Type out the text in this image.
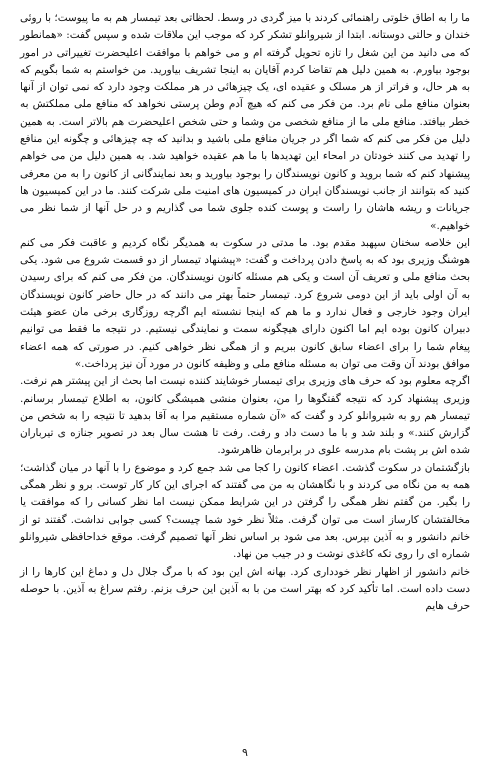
ما را به اطاق خلوتی راهنمائی کردند با میز گردی در وسط. لحظاتی بعد تیمسار هم به ما پیوست؛ با روئی خندان و حالتی دوستانه. ابتدا از شیروانلو تشکر کرد که موجب این ملاقات شده و سپس گفت: «همانطور که می دانید من این شغل را تازه تحویل گرفته ام و می خواهم با موافقت اعلیحضرت تغییراتی در امور بوجود بیاورم. به همین دلیل هم تقاضا کردم آقایان به اینجا تشریف بیاورید. من خواستم به شما بگویم که به هر حال، و فراتر از هر مسلک و عقیده ای، یک چیزهائی در هر مملکت وجود دارد که نمی توان از آنها بعنوان منافع ملی نام برد. من فکر می کنم که هیچ آدم وطن پرستی نخواهد که منافع ملی مملکتش به خطر بیافتد. منافع ملی ما از منافع شخصی من وشما و حتی شخص اعلیحضرت هم بالاتر است. به همین دلیل من فکر می کنم که شما اگر در جریان منافع ملی باشید و بدانید که چه چیزهائی و چگونه این منافع را تهدید می کنند خودتان در امحاء این تهدیدها با ما هم عقیده خواهید شد. به همین دلیل من می خواهم پیشنهاد کنم که شما بروید و کانون نویسندگان را بوجود بیاورید و بعد نمایندگانی از کانون را به من معرفی کنید که بتوانند از جانب نویسندگان ایران در کمیسیون های امنیت ملی شرکت کنند. ما در این کمیسیون ها جریانات و ریشه هاشان را راست و پوست کنده جلوی شما می گذاریم و در حل آنها از شما نظر می خواهیم.»

این خلاصه سخنان سپهبد مقدم بود. ما مدتی در سکوت به همدیگر نگاه کردیم و عاقبت فکر می کنم هوشنگ وزیری بود که به پاسخ دادن پرداخت و گفت: «پیشنهاد تیمسار از دو قسمت شروع می شود. یکی بحث منافع ملی و تعریف آن است و یکی هم مسئله کانون نویسندگان. من فکر می کنم که برای رسیدن به آن اولی باید از این دومی شروع کرد. تیمسار حتماً بهتر می دانند که در حال حاضر کانون نویسندگان ایران وجود خارجی و فعال ندارد و ما هم که اینجا نشسته ایم اگرچه روزگاری برخی مان عضو هیئت دبیران کانون بوده ایم اما اکنون دارای هیچگونه سمت و نمایندگی نیستیم. در نتیجه ما فقط می توانیم پیغام شما را برای اعضاء سابق کانون ببریم و از همگی نظر خواهی کنیم. در صورتی که همه اعضاء موافق بودند آن وقت می توان به مسئله منافع ملی و وظیفه کانون در مورد آن نیز پرداخت.»

اگرچه معلوم بود که حرف های وزیری برای تیمسار خوشایند کننده نیست اما بحث از این پیشتر هم نرفت. وزیری پیشنهاد کرد که نتیجه گفتگوها را من، بعنوان منشی همیشگی کانون، به اطلاع تیمسار برسانم. تیمسار هم رو به شیروانلو کرد و گفت که «آن شماره مستقیم مرا به آقا بدهید تا نتیجه را به شخص من گزارش کنند.» و بلند شد و با ما دست داد و رفت. رفت تا هشت سال بعد در تصویر جنازه ی تیرباران شده اش بر پشت بام مدرسه علوی در برابرمان ظاهرشود.

بازگشتمان در سکوت گذشت. اعضاء کانون را کجا می شد جمع کرد و موضوع را با آنها در میان گذاشت؛ همه به من نگاه می کردند و با نگاهشان به من می گفتند که اجرای این کار کار توست. برو و نظر همگی را بگیر. من گفتم نظر همگی را گرفتن در این شرایط ممکن نیست اما نظر کسانی را که موافقت یا مخالفتشان کارساز است می توان گرفت. مثلاً نظر خود شما چیست؟ کسی جوابی نداشت. گفتند تو از خانم دانشور و به آذین بپرس. بعد می شود بر اساس نظر آنها تصمیم گرفت. موقع خداحافظی شیروانلو شماره ای را روی تکه کاغذی نوشت و در جیب من نهاد.

خانم دانشور از اظهار نظر خودداری کرد. بهانه اش این بود که با مرگ جلال دل و دماغ این کارها را از دست داده است. اما تأکید کرد که بهتر است من با به آذین این حرف بزنم. رفتم سراغ به آذین. با حوصله حرف هایم

۹
